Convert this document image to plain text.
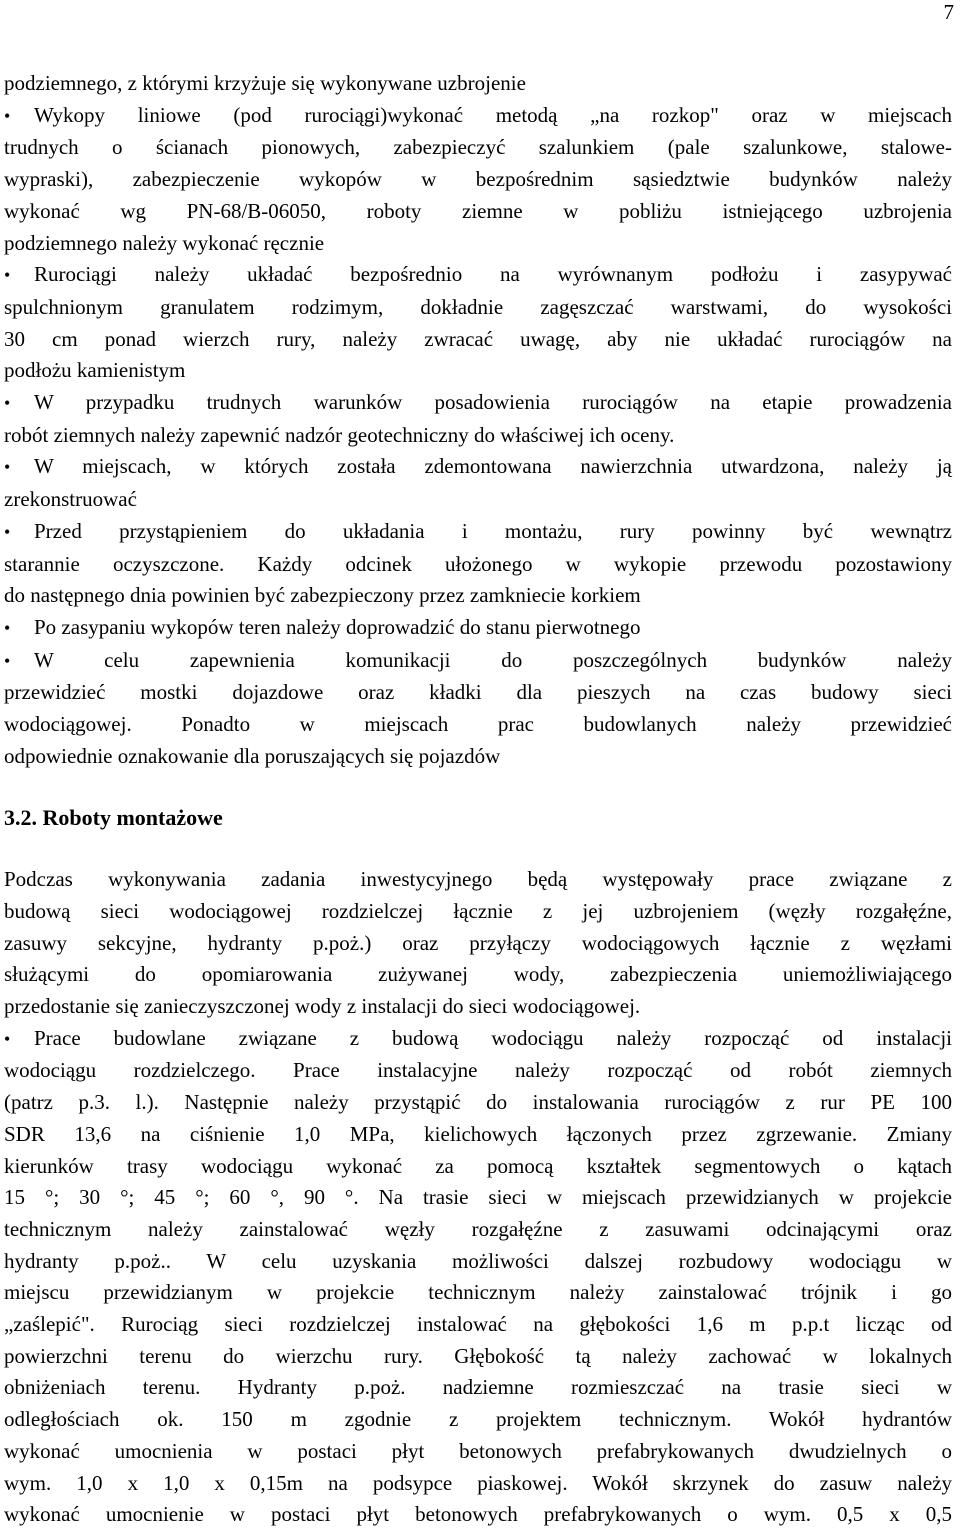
7
podziemnego, z którymi krzyżuje się wykonywane uzbrojenie
•	Wykopy liniowe (pod rurociągi)wykonać metodą „na rozkop" oraz w miejscach
trudnych o ścianach pionowych, zabezpieczyć szalunkiem (pale szalunkowe, stalowe-
wypraski), zabezpieczenie wykopów w bezpośrednim sąsiedztwie budynków należy
wykonać wg PN-68/B-06050, roboty ziemne w pobliżu istniejącego uzbrojenia
podziemnego należy wykonać ręcznie
•	Rurociągi należy układać bezpośrednio na wyrównanym podłożu i zasypywać
spulchnionym granulatem rodzimym, dokładnie zagęszczać warstwami, do wysokości
30 cm ponad wierzch rury, należy zwracać uwagę, aby nie układać rurociągów na
podłożu kamienistym
•	W przypadku trudnych warunków posadowienia rurociągów na etapie prowadzenia
robót ziemnych należy zapewnić nadzór geotechniczny do właściwej ich oceny.
•	W miejscach, w których została zdemontowana nawierzchnia utwardzona, należy ją
zrekonstruować
•	Przed przystąpieniem do układania i montażu, rury powinny być wewnątrz
starannie oczyszczone. Każdy odcinek ułożonego w wykopie przewodu pozostawiony
do następnego dnia powinien być zabezpieczony przez zamkniecie korkiem
•	Po zasypaniu wykopów teren należy doprowadzić do stanu pierwotnego
•	W celu zapewnienia komunikacji do poszczególnych budynków należy
przewidzieć mostki dojazdowe oraz kładki dla pieszych na czas budowy sieci
wodociągowej. Ponadto w miejscach prac budowlanych należy przewidzieć
odpowiednie oznakowanie dla poruszających się pojazdów
3.2. Roboty montażowe
Podczas wykonywania zadania inwestycyjnego będą występowały prace związane z
budową sieci wodociągowej rozdzielczej łącznie z jej uzbrojeniem (węzły rozgałęźne,
zasuwy sekcyjne, hydranty p.poż.) oraz przyłączy wodociągowych łącznie z węzłami
służącymi do opomiarowania zużywanej wody, zabezpieczenia uniemożliwiającego
przedostanie się zanieczyszczonej wody z instalacji do sieci wodociągowej.
•	Prace budowlane związane z budową wodociągu należy rozpocząć od instalacji
wodociągu rozdzielczego. Prace instalacyjne należy rozpocząć od robót ziemnych
(patrz p.3. l.). Następnie należy przystąpić do instalowania rurociągów z rur PE 100
SDR 13,6 na ciśnienie 1,0 MPa, kielichowych łączonych przez zgrzewanie. Zmiany
kierunków trasy wodociągu wykonać za pomocą kształtek segmentowych o kątach
15 °; 30 °; 45 °; 60 °, 90 °. Na trasie sieci w miejscach przewidzianych w projekcie
technicznym należy zainstalować węzły rozgałęźne z zasuwami odcinającymi oraz
hydranty p.poż.. W celu uzyskania możliwości dalszej rozbudowy wodociągu w
miejscu przewidzianym w projekcie technicznym należy zainstalować trójnik i go
„zaślepić". Rurociąg sieci rozdzielczej instalować na głębokości 1,6 m p.p.t licząc od
powierzchni terenu do wierzchu rury. Głębokość tą należy zachować w lokalnych
obniżeniach terenu. Hydranty p.poż. nadziemne rozmieszczać na trasie sieci w
odległościach ok. 150 m zgodnie z projektem technicznym. Wokół hydrantów
wykonać umocnienia w postaci płyt betonowych prefabrykowanych dwudzielnych o
wym. 1,0 x 1,0 x 0,15m na podsypce piaskowej. Wokół skrzynek do zasuw należy
wykonać umocnienie w postaci płyt betonowych prefabrykowanych o wym. 0,5 x 0,5
